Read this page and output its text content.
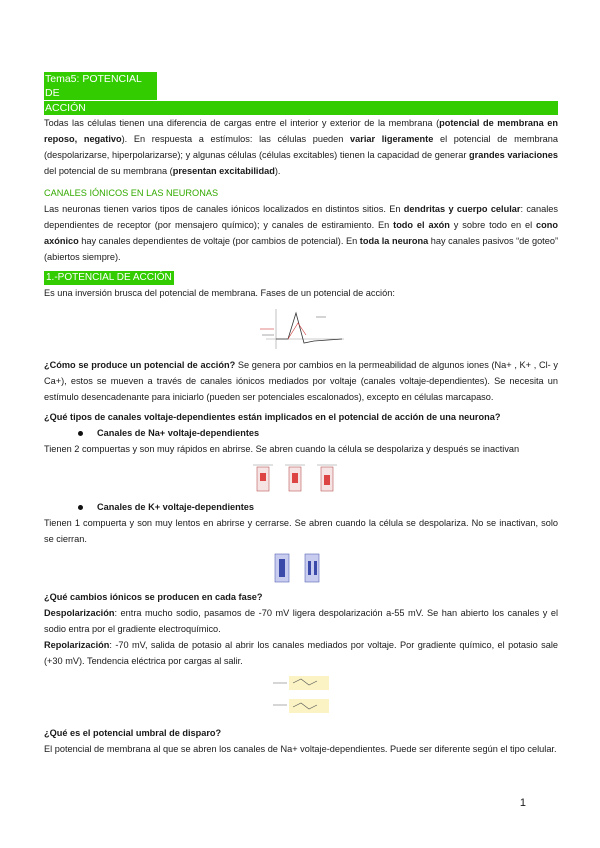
Tema5: POTENCIAL DE
ACCIÓN

Todas las células tienen una diferencia de cargas entre el interior y exterior de la membrana (potencial de membrana en reposo, negativo). En respuesta a estímulos: las células pueden variar ligeramente el potencial de membrana (despolarizarse, hiperpolarizarse); y algunas células (células excitables) tienen la capacidad de generar grandes variaciones del potencial de su membrana (presentan excitabilidad).

CANALES IÓNICOS EN LAS NEURONAS

Las neuronas tienen varios tipos de canales iónicos localizados en distintos sitios. En dendritas y cuerpo celular: canales dependientes de receptor (por mensajero químico); y canales de estiramiento. En todo el axón y sobre todo en el cono axónico hay canales dependientes de voltaje (por cambios de potencial). En toda la neurona hay canales pasivos “de goteo” (abiertos siempre).

1.-POTENCIAL DE ACCIÓN

Es una inversión brusca del potencial de membrana. Fases de un potencial de acción:

¿Cómo se produce un potencial de acción? Se genera por cambios en la permeabilidad de algunos iones (Na+ , K+ , Cl- y Ca+), estos se mueven a través de canales iónicos mediados por voltaje (canales voltaje-dependientes). Se necesita un estímulo desencadenante para iniciarlo (pueden ser potenciales escalonados), excepto en células marcapaso.

¿Qué tipos de canales voltaje-dependientes están implicados en el potencial de acción de una neurona?

Canales de Na+ voltaje-dependientes

Tienen 2 compuertas y son muy rápidos en abrirse. Se abren cuando la célula se despolariza y después se inactivan

Canales de K+ voltaje-dependientes

Tienen 1 compuerta y son muy lentos en abrirse y cerrarse. Se abren cuando la célula se despolariza. No se inactivan, solo se cierran.

¿Qué cambios iónicos se producen en cada fase?

Despolarización: entra mucho sodio, pasamos de -70 mV ligera despolarización a-55 mV. Se han abierto los canales y el sodio entra por el gradiente electroquímico.

Repolarización: -70 mV, salida de potasio al abrir los canales mediados por voltaje. Por gradiente químico, el potasio sale (+30 mV). Tendencia eléctrica por cargas al salir.

¿Qué es el potencial umbral de disparo?

El potencial de membrana al que se abren los canales de Na+ voltaje-dependientes. Puede ser diferente según el tipo celular.

1
